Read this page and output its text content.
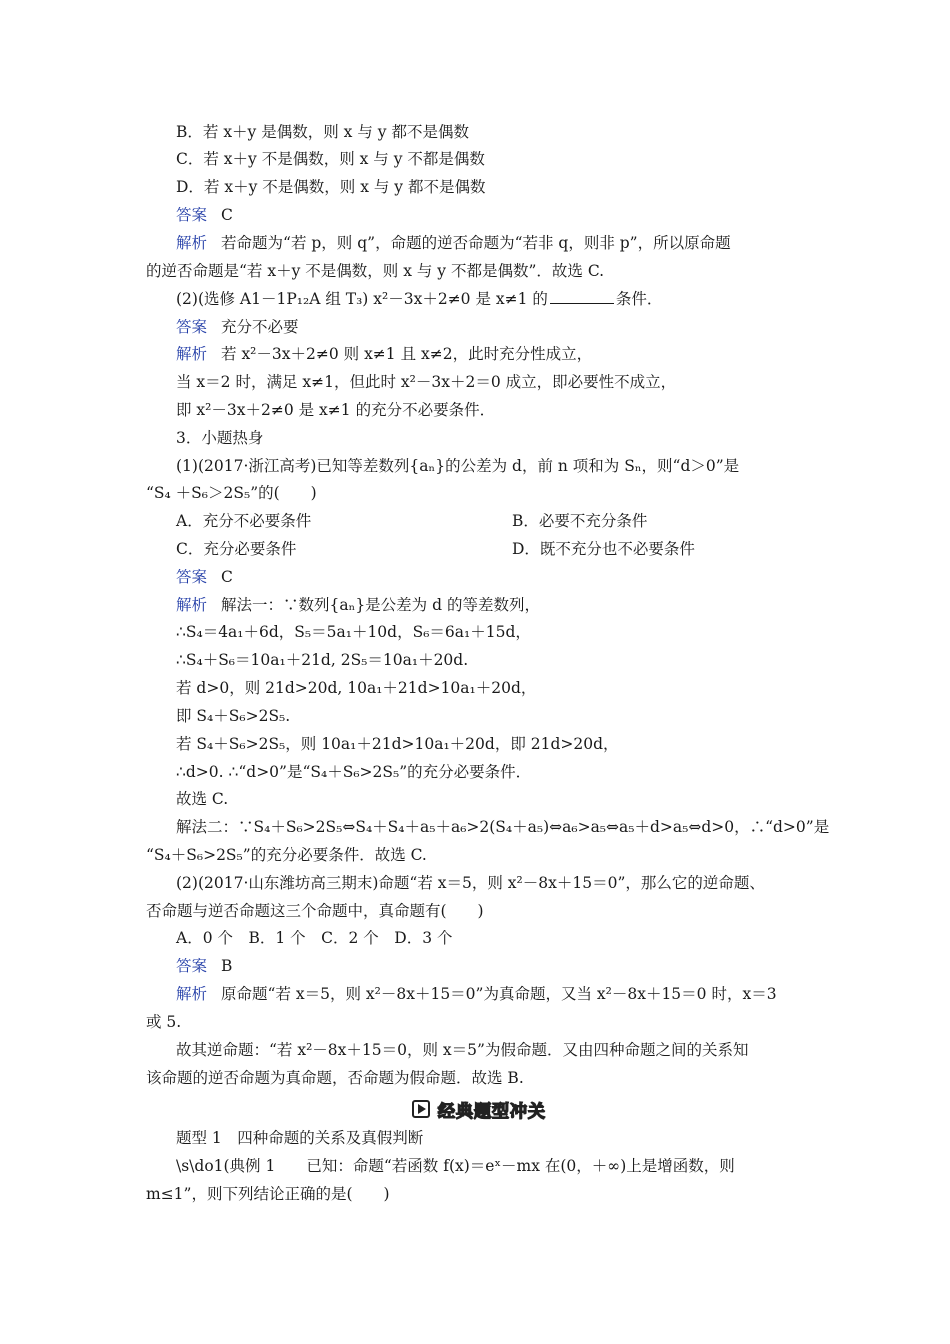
B．若 x＋y 是偶数，则 x 与 y 都不是偶数
C．若 x＋y 不是偶数，则 x 与 y 不都是偶数
D．若 x＋y 不是偶数，则 x 与 y 都不是偶数
答案 C
解析 若命题为“若 p，则 q”，命题的逆否命题为“若非 q，则非 p”，所以原命题
的逆否命题是“若 x＋y 不是偶数，则 x 与 y 不都是偶数”．故选 C.
(2)(选修 A1－1P₁₂A 组 T₃) x²－3x＋2≠0 是 x≠1 的	条件．
答案 充分不必要
解析 若 x²－3x＋2≠0 则 x≠1 且 x≠2，此时充分性成立，
当 x＝2 时，满足 x≠1，但此时 x²－3x＋2＝0 成立，即必要性不成立，
即 x²－3x＋2≠0 是 x≠1 的充分不必要条件．
3．小题热身
(1)(2017·浙江高考)已知等差数列{aₙ}的公差为 d，前 n 项和为 Sₙ，则“d＞0”是
“S₄ ＋S₆＞2S₅”的(　　)
A．充分不必要条件	B．必要不充分条件
C．充分必要条件	D．既不充分也不必要条件
答案 C
解析 解法一：∵数列{aₙ}是公差为 d 的等差数列，
∴S₄＝4a₁＋6d，S₅＝5a₁＋10d，S₆＝6a₁＋15d，
∴S₄＋S₆＝10a₁＋21d, 2S₅＝10a₁＋20d.
若 d>0，则 21d>20d, 10a₁＋21d>10a₁＋20d，
即 S₄＋S₆>2S₅.
若 S₄＋S₆>2S₅，则 10a₁＋21d>10a₁＋20d，即 21d>20d，
∴d>0. ∴“d>0”是“S₄＋S₆>2S₅”的充分必要条件．
故选 C.
解法二：∵S₄＋S₆>2S₅⇔S₄＋S₄＋a₅＋a₆>2(S₄＋a₅)⇔a₆>a₅⇔a₅＋d>a₅⇔d>0，∴“d>0”是
“S₄＋S₆>2S₅”的充分必要条件．故选 C.
(2)(2017·山东潍坊高三期末)命题“若 x＝5，则 x²－8x＋15＝0”，那么它的逆命题、
否命题与逆否命题这三个命题中，真命题有(　　)
A．0 个　B．1 个　C．2 个　D．3 个
答案 B
解析 原命题“若 x＝5，则 x²－8x＋15＝0”为真命题，又当 x²－8x＋15＝0 时，x＝3
或 5.
故其逆命题：“若 x²－8x＋15＝0，则 x＝5”为假命题．又由四种命题之间的关系知
该命题的逆否命题为真命题，否命题为假命题．故选 B.
题型 1　四种命题的关系及真假判断
\s\do1(典例 1　　已知：命题“若函数 f(x)＝eˣ－mx 在(0，＋∞)上是增函数，则
m≤1”，则下列结论正确的是(　　)
经典题型冲关
